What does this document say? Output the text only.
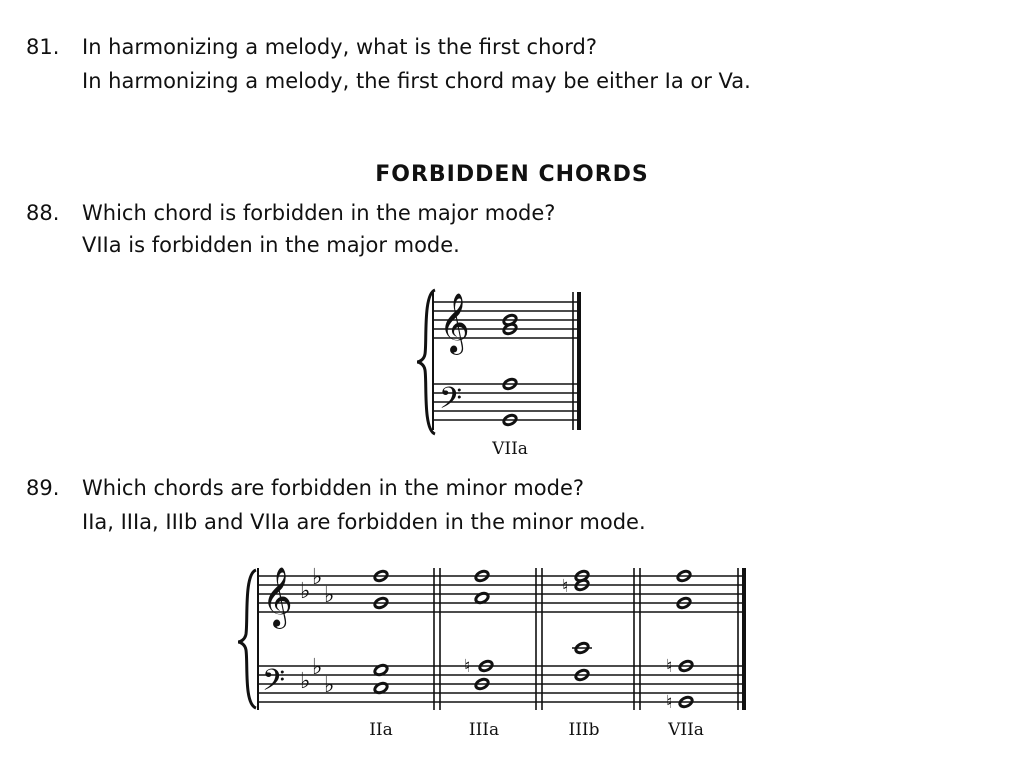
81. In harmonizing a melody, what is the first chord?
In harmonizing a melody, the first chord may be either Ia or Va.
FORBIDDEN CHORDS
88. Which chord is forbidden in the major mode?
VIIa is forbidden in the major mode.
𝄞
𝄢
VIIa
89. Which chords are forbidden in the minor mode?
IIa, IIIa, IIIb and VIIa are forbidden in the minor mode.
𝄞
𝄢
♭
♭
♭
♭
♭
♭
♮
♮
♮
♮
IIa	IIIa	IIIb	VIIa
